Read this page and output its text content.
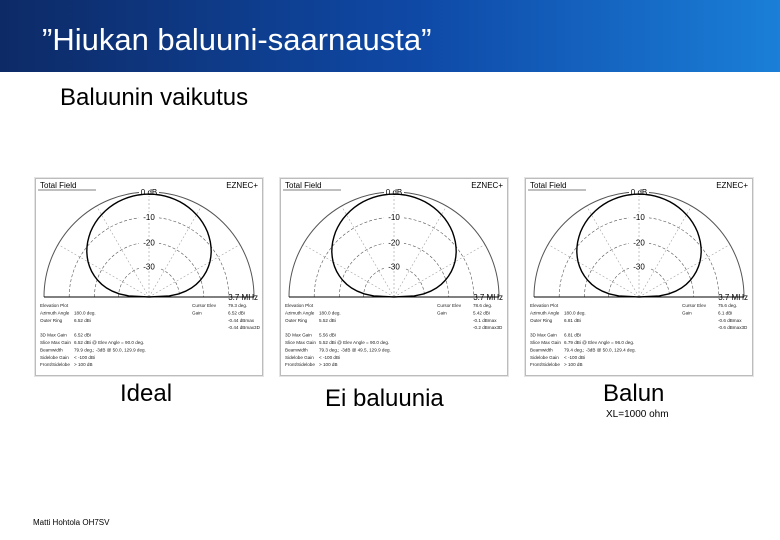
”Hiukan baluuni-saarnausta”
Baluunin vaikutus
Total Field	EZNEC+
0 dB
-10
-20
-30
3.7 MHz
Elevation Plot
Azimuth Angle 180.0 deg.
Outer Ring	6.52 dBi
3D Max Gain 6.52 dBi
Slice Max Gain 6.52 dBi @ Elev Angle = 90.0 deg.
Beamwidth 79.9 deg.; -3dB @ 50.0, 129.9 deg.
Sidelobe Gain < -100 dBi
Front/Sidelobe > 100 dB
Cursor Elev	79.3 deg.
Gain	6.52 dBi
-0.44 dBmax
-0.44 dBmax3D
Total Field	EZNEC+
0 dB
-10
-20
-30
3.7 MHz
Elevation Plot
Azimuth Angle 180.0 deg.
Outer Ring	5.52 dBi
3D Max Gain 5.56 dBi
Slice Max Gain 5.52 dBi @ Elev Angle = 90.0 deg.
Beamwidth 79.3 deg.; -3dB @ 49.5, 129.9 deg.
Sidelobe Gain < -100 dBi
Front/Sidelobe > 100 dB
Cursor Elev	78.6 deg.
Gain	5.42 dBi
-0.1 dBmax
-0.2 dBmax3D
Total Field	EZNEC+
0 dB
-10
-20
-30
3.7 MHz
Elevation Plot
Azimuth Angle 180.0 deg.
Outer Ring	6.81 dBi
3D Max Gain 6.81 dBi
Slice Max Gain 6.79 dBi @ Elev Angle = 96.0 deg.
Beamwidth 79.4 deg.; -3dB @ 50.0, 129.4 deg.
Sidelobe Gain < -100 dBi
Front/Sidelobe > 100 dB
Cursor Elev	75.6 deg.
Gain	6.1 dBi
-0.6 dBmax
-0.6 dBmax3D
Ideal	Ei baluunia	Balun
XL=1000 ohm
Matti Hohtola OH7SV
